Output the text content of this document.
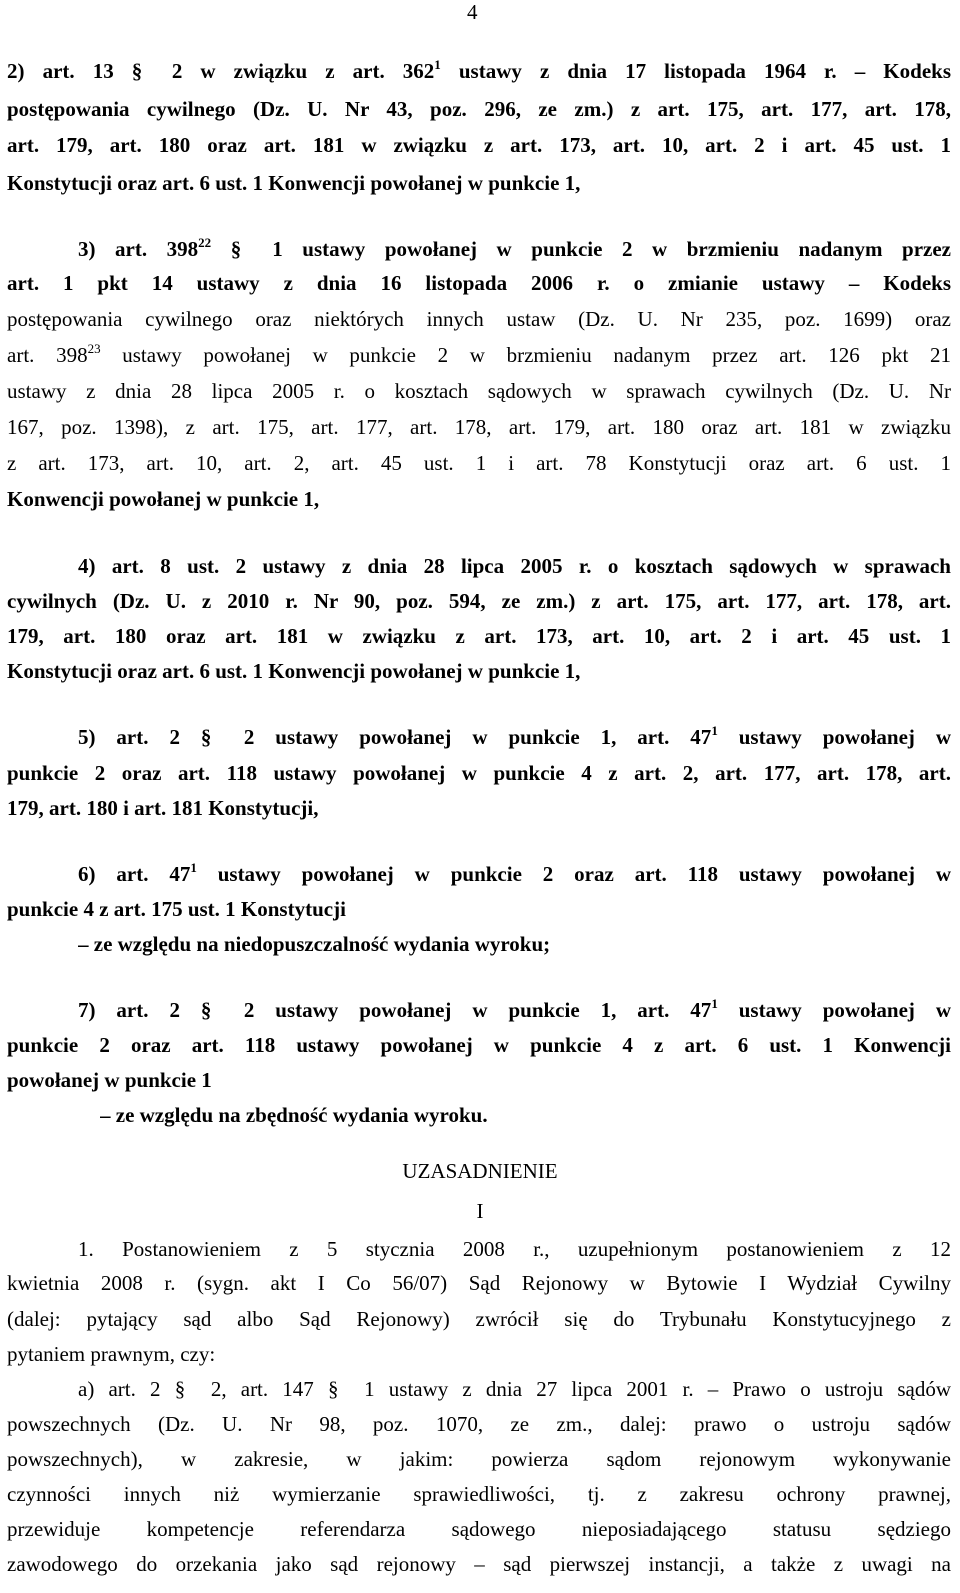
4
2) art. 13 § 2 w związku z art. $362^1$ ustawy z dnia 17 listopada 1964 r. – Kodeks
postępowania cywilnego (Dz. U. Nr 43, poz. 296, ze zm.) z art. 175, art. 177, art. 178,
art. 179, art. 180 oraz art. 181 w związku z art. 173, art. 10, art. 2 i art. 45 ust. 1
Konstytucji oraz art. 6 ust. 1 Konwencji powołanej w punkcie 1,
3) art. $398^{22}$ § 1 ustawy powołanej w punkcie 2 w brzmieniu nadanym przez
art. 1 pkt 14 ustawy z dnia 16 listopada 2006 r. o zmianie ustawy – Kodeks
postępowania cywilnego oraz niektórych innych ustaw (Dz. U. Nr 235, poz. 1699) oraz
art. $398^{23}$ ustawy powołanej w punkcie 2 w brzmieniu nadanym przez art. 126 pkt 21
ustawy z dnia 28 lipca 2005 r. o kosztach sądowych w sprawach cywilnych (Dz. U. Nr
167, poz. 1398), z art. 175, art. 177, art. 178, art. 179, art. 180 oraz art. 181 w związku
z art. 173, art. 10, art. 2, art. 45 ust. 1 i art. 78 Konstytucji oraz art. 6 ust. 1
Konwencji powołanej w punkcie 1,
4) art. 8 ust. 2 ustawy z dnia 28 lipca 2005 r. o kosztach sądowych w sprawach
cywilnych (Dz. U. z 2010 r. Nr 90, poz. 594, ze zm.) z art. 175, art. 177, art. 178, art.
179, art. 180 oraz art. 181 w związku z art. 173, art. 10, art. 2 i art. 45 ust. 1
Konstytucji oraz art. 6 ust. 1 Konwencji powołanej w punkcie 1,
5) art. 2 § 2 ustawy powołanej w punkcie 1, art. $47^1$ ustawy powołanej w
punkcie 2 oraz art. 118 ustawy powołanej w punkcie 4 z art. 2, art. 177, art. 178, art.
179, art. 180 i art. 181 Konstytucji,
6) art. $47^1$ ustawy powołanej w punkcie 2 oraz art. 118 ustawy powołanej w
punkcie 4 z art. 175 ust. 1 Konstytucji
– ze względu na niedopuszczalność wydania wyroku;
7) art. 2 § 2 ustawy powołanej w punkcie 1, art. $47^1$ ustawy powołanej w
punkcie 2 oraz art. 118 ustawy powołanej w punkcie 4 z art. 6 ust. 1 Konwencji
powołanej w punkcie 1
– ze względu na zbędność wydania wyroku.
UZASADNIENIE
I
1. Postanowieniem z 5 stycznia 2008 r., uzupełnionym postanowieniem z 12
kwietnia 2008 r. (sygn. akt I Co 56/07) Sąd Rejonowy w Bytowie I Wydział Cywilny
(dalej: pytający sąd albo Sąd Rejonowy) zwrócił się do Trybunału Konstytucyjnego z
pytaniem prawnym, czy:
a) art. 2 § 2, art. 147 § 1 ustawy z dnia 27 lipca 2001 r. – Prawo o ustroju sądów
powszechnych (Dz. U. Nr 98, poz. 1070, ze zm., dalej: prawo o ustroju sądów
powszechnych), w zakresie, w jakim: powierza sądom rejonowym wykonywanie
czynności innych niż wymierzanie sprawiedliwości, tj. z zakresu ochrony prawnej,
przewiduje kompetencje referendarza sądowego nieposiadającego statusu sędziego
zawodowego do orzekania jako sąd rejonowy – sąd pierwszej instancji, a także z uwagi na
